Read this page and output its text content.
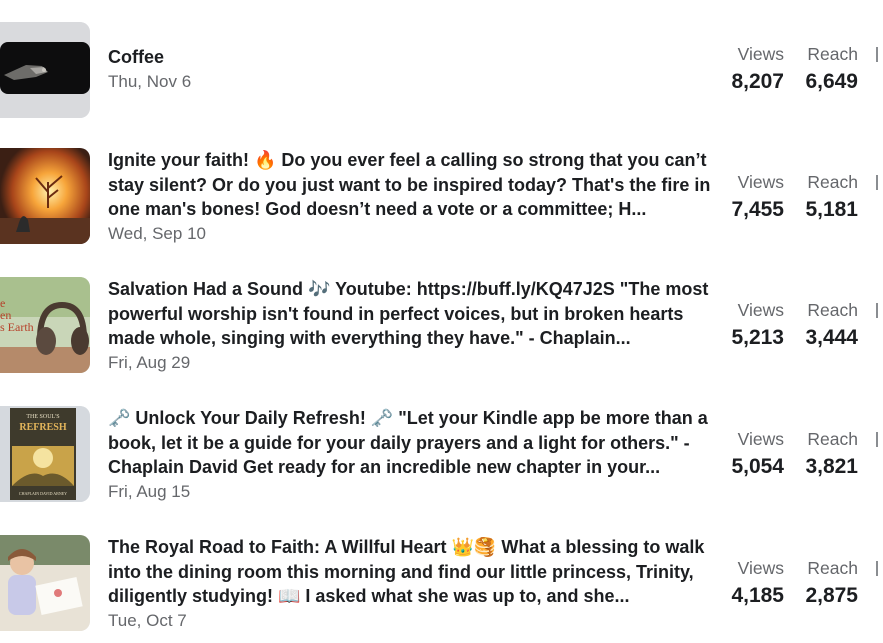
Coffee
Thu, Nov 6
Views
8,207
Reach
6,649
Ignite your faith! 🔥 Do you ever feel a calling so strong that you can’t stay silent? Or do you just want to be inspired today? That's the fire in one man's bones! God doesn’t need a vote or a committee; H...
Wed, Sep 10
Views
7,455
Reach
5,181
e
en
s Earth
Salvation Had a Sound 🎶 Youtube: https://buff.ly/KQ47J2S "The most powerful worship isn't found in perfect voices, but in broken hearts made whole, singing with everything they have." - Chaplain...
Fri, Aug 29
Views
5,213
Reach
3,444
THE SOUL'S
REFRESH
CHAPLAIN DAVID ABNEY
🗝️ Unlock Your Daily Refresh! 🗝️ "Let your Kindle app be more than a book, let it be a guide for your daily prayers and a light for others." - Chaplain David Get ready for an incredible new chapter in your...
Fri, Aug 15
Views
5,054
Reach
3,821
The Royal Road to Faith: A Willful Heart 👑🥞 What a blessing to walk into the dining room this morning and find our little princess, Trinity, diligently studying! 📖 I asked what she was up to, and she...
Tue, Oct 7
Views
4,185
Reach
2,875
